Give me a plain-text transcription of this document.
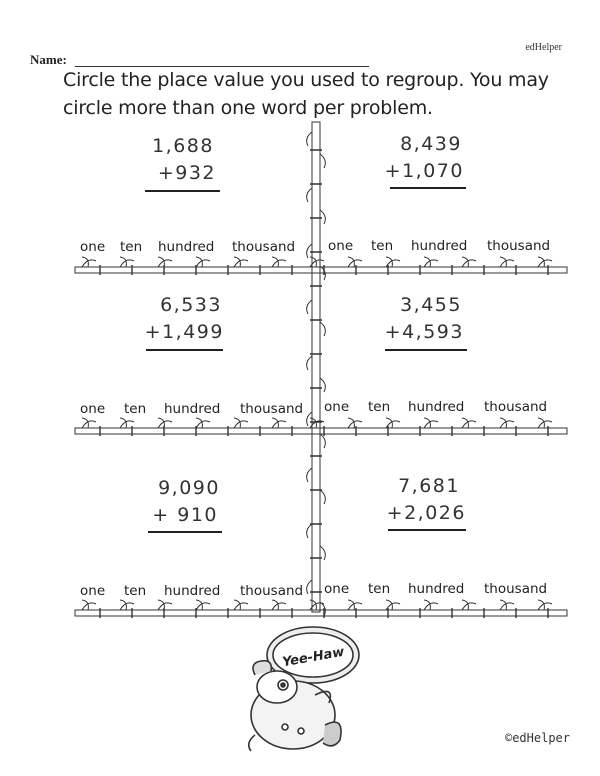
edHelper
Name:
Circle the place value you used to regroup. You may circle more than one word per problem.
1,688
+932
8,439
+1,070
6,533
+1,499
3,455
+4,593
9,090
+ 910
7,681
+2,026
one ten hundred thousand one ten hundred thousand
one ten hundred thousand one ten hundred thousand
one ten hundred thousand one ten hundred thousand
Yee-Haw
©edHelper
